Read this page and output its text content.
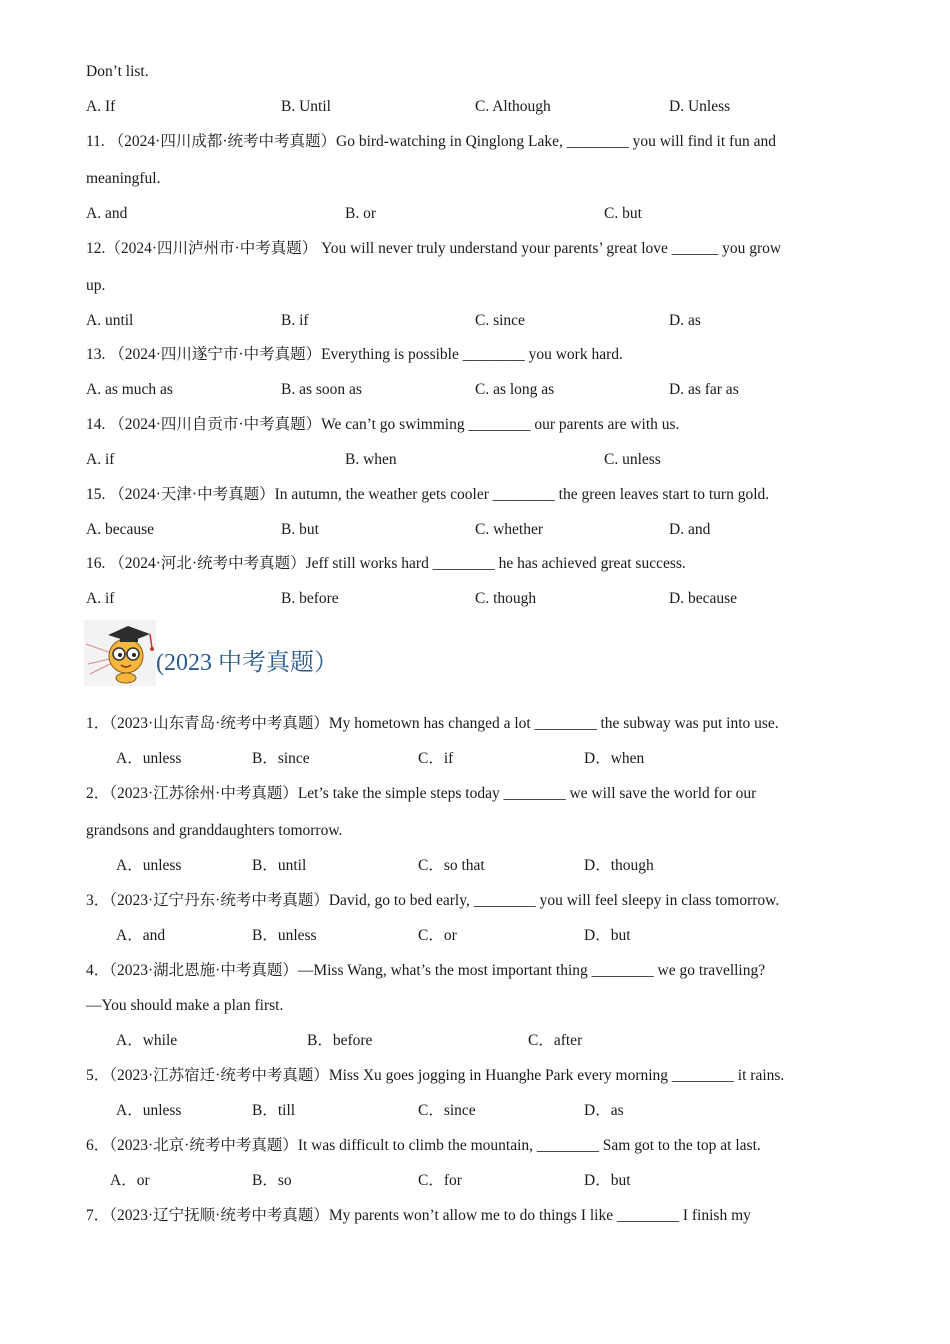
Don’t list.
A. If	B. Until	C. Although	D. Unless
11. （2024·四川成都·统考中考真题）Go bird-watching in Qinglong Lake, ________ you will find it fun and
meaningful.
A. and	B. or	C. but
12.（2024·四川泸州市·中考真题） You will never truly understand your parents’ great love ______ you grow
up.
A. until	B. if	C. since	D. as
13. （2024·四川遂宁市·中考真题）Everything is possible ________ you work hard.
A. as much as	B. as soon as	C. as long as	D. as far as
14. （2024·四川自贡市·中考真题）We can’t go swimming ________ our parents are with us.
A. if	B. when	C. unless
15. （2024·天津·中考真题）In autumn, the weather gets cooler ________ the green leaves start to turn gold.
A. because	B. but	C. whether	D. and
16. （2024·河北·统考中考真题）Jeff still works hard ________ he has achieved great success.
A. if	B. before	C. though	D. because
(2023 中考真题）
1．（2023·山东青岛·统考中考真题）My hometown has changed a lot ________ the subway was put into use.
A．unless	B．since	C．if	D．when
2．（2023·江苏徐州·中考真题）Let’s take the simple steps today ________ we will save the world for our
grandsons and granddaughters tomorrow.
A．unless	B．until	C．so that	D．though
3．（2023·辽宁丹东·统考中考真题）David, go to bed early, ________ you will feel sleepy in class tomorrow.
A．and	B．unless	C．or	D．but
4．（2023·湖北恩施·中考真题）—Miss Wang, what’s the most important thing ________ we go travelling?
—You should make a plan first.
A．while	B．before	C．after
5．（2023·江苏宿迁·统考中考真题）Miss Xu goes jogging in Huanghe Park every morning ________ it rains.
A．unless	B．till	C．since	D．as
6．（2023·北京·统考中考真题）It was difficult to climb the mountain, ________ Sam got to the top at last.
A．or	B．so	C．for	D．but
7．（2023·辽宁抚顺·统考中考真题）My parents won’t allow me to do things I like ________ I finish my
